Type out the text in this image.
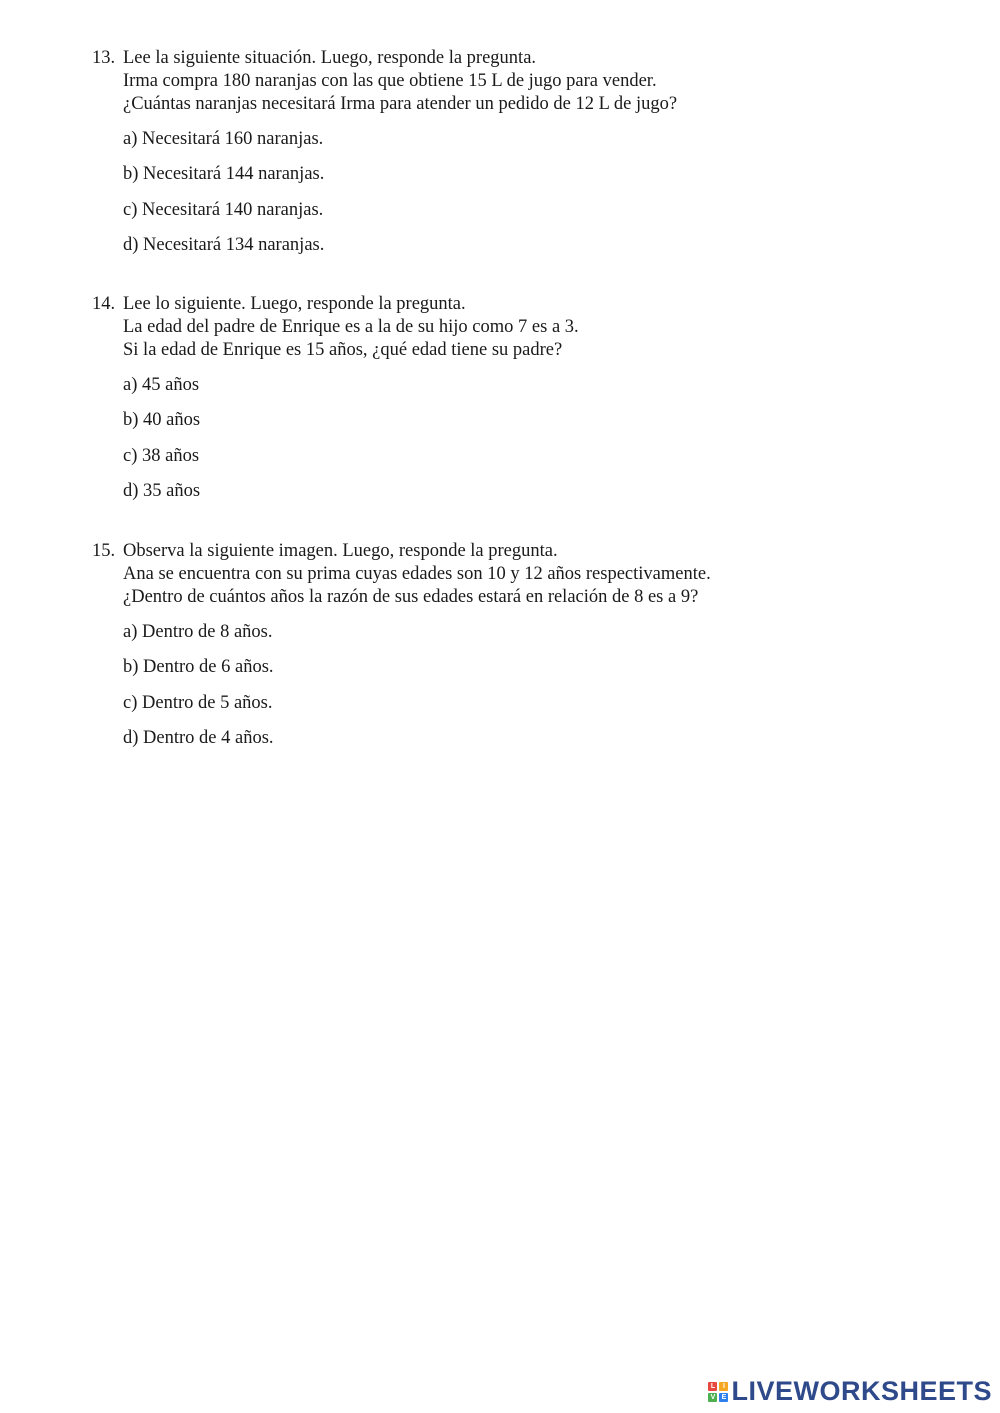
13. Lee la siguiente situación. Luego, responde la pregunta.
Irma compra 180 naranjas con las que obtiene 15 L de jugo para vender.
¿Cuántas naranjas necesitará Irma para atender un pedido de 12 L de jugo?
a) Necesitará 160 naranjas.
b) Necesitará 144 naranjas.
c) Necesitará 140 naranjas.
d) Necesitará 134 naranjas.
14. Lee lo siguiente. Luego, responde la pregunta.
La edad del padre de Enrique es a la de su hijo como 7 es a 3.
Si la edad de Enrique es 15 años, ¿qué edad tiene su padre?
a) 45 años
b) 40 años
c) 38 años
d) 35 años
15. Observa la siguiente imagen. Luego, responde la pregunta.
Ana se encuentra con su prima cuyas edades son 10 y 12 años respectivamente.
¿Dentro de cuántos años la razón de sus edades estará en relación de 8 es a 9?
a) Dentro de 8 años.
b) Dentro de 6 años.
c) Dentro de 5 años.
d) Dentro de 4 años.
L	I
V E LIVEWORKSHEETS
